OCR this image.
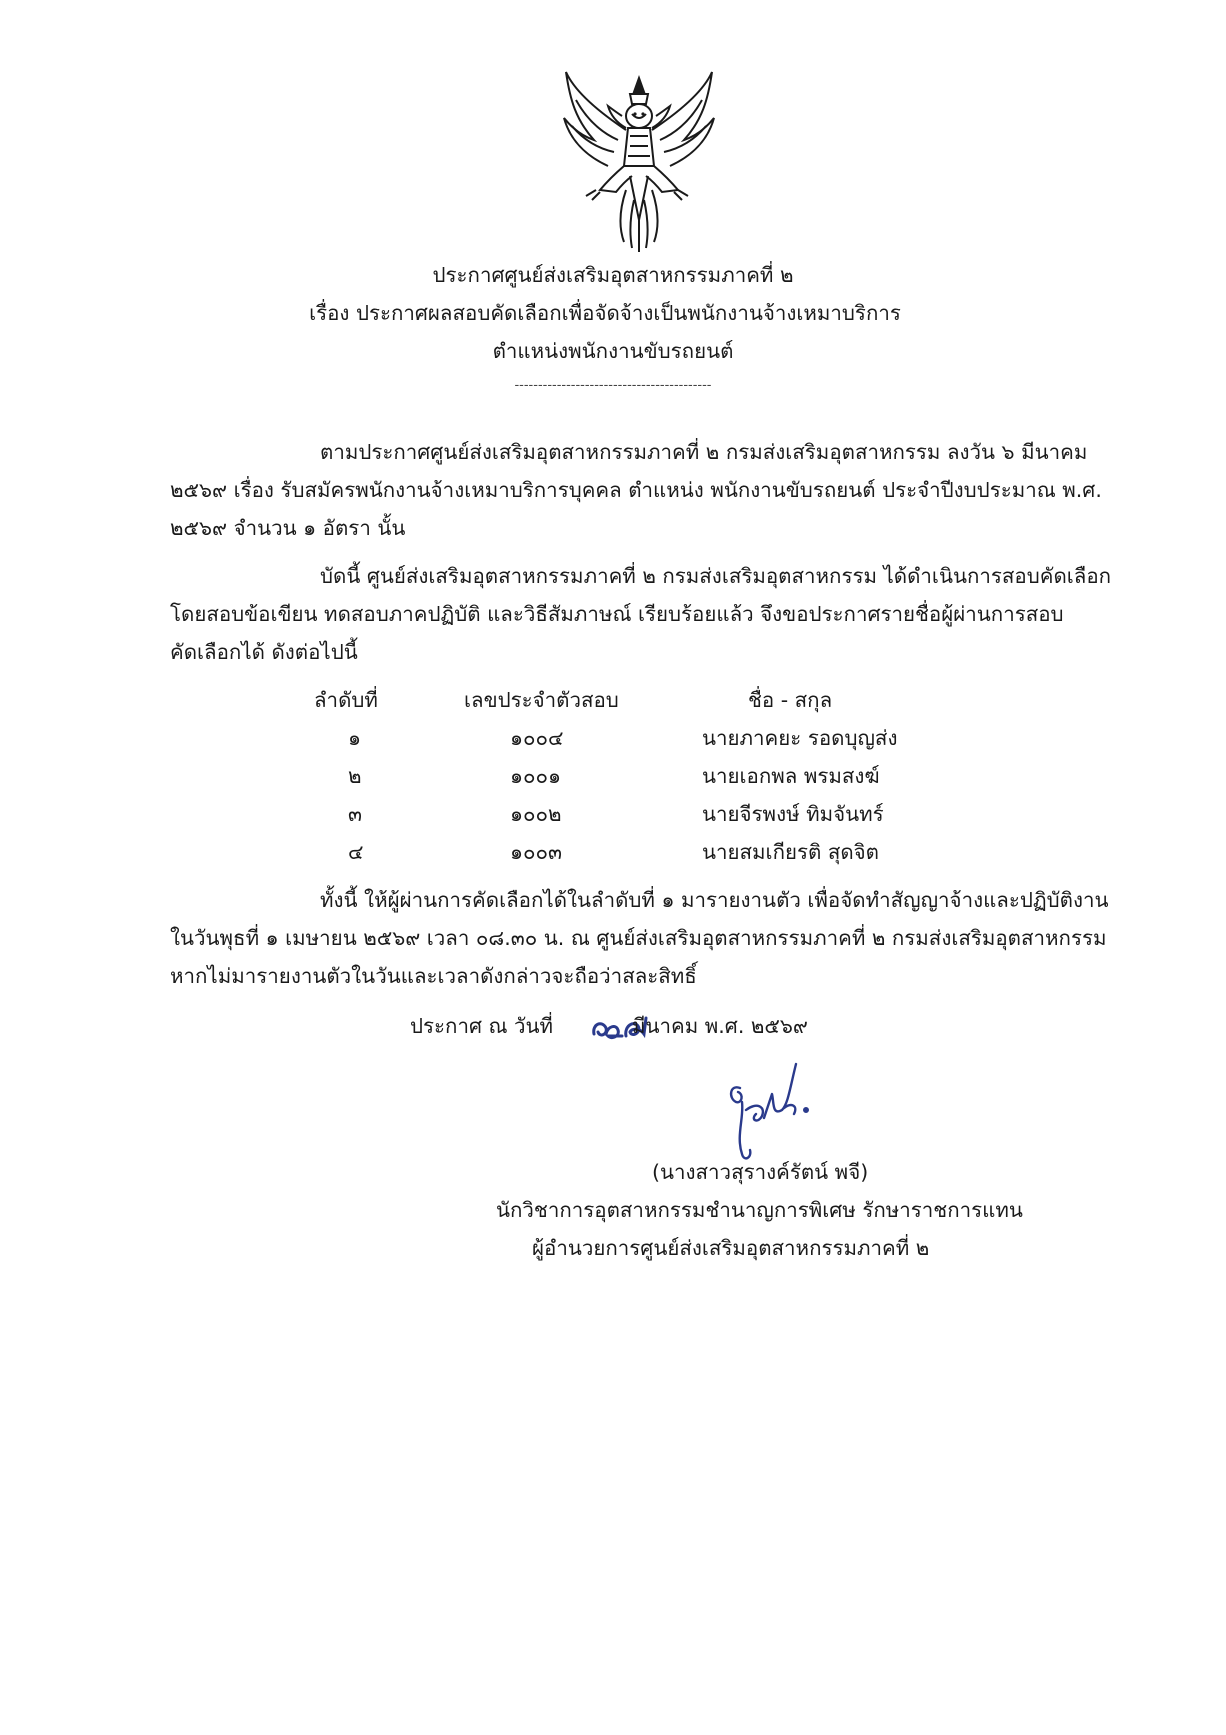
ประกาศศูนย์ส่งเสริมอุตสาหกรรมภาคที่ ๒
เรื่อง ประกาศผลสอบคัดเลือกเพื่อจัดจ้างเป็นพนักงานจ้างเหมาบริการ
ตำแหน่งพนักงานขับรถยนต์
------------------------------------------
ตามประกาศศูนย์ส่งเสริมอุตสาหกรรมภาคที่ ๒ กรมส่งเสริมอุตสาหกรรม ลงวัน ๖ มีนาคม
๒๕๖๙ เรื่อง รับสมัครพนักงานจ้างเหมาบริการบุคคล ตำแหน่ง พนักงานขับรถยนต์ ประจำปีงบประมาณ พ.ศ.
๒๕๖๙ จำนวน ๑ อัตรา นั้น
บัดนี้ ศูนย์ส่งเสริมอุตสาหกรรมภาคที่ ๒ กรมส่งเสริมอุตสาหกรรม ได้ดำเนินการสอบคัดเลือก
โดยสอบข้อเขียน ทดสอบภาคปฏิบัติ และวิธีสัมภาษณ์ เรียบร้อยแล้ว จึงขอประกาศรายชื่อผู้ผ่านการสอบ
คัดเลือกได้ ดังต่อไปนี้
ลำดับที่	เลขประจำตัวสอบ	ชื่อ - สกุล
๑	๑๐๐๔	นายภาคยะ รอดบุญส่ง
๒	๑๐๐๑	นายเอกพล พรมสงฆ์
๓	๑๐๐๒	นายจีรพงษ์ ทิมจันทร์
๔	๑๐๐๓	นายสมเกียรติ สุดจิต
ทั้งนี้ ให้ผู้ผ่านการคัดเลือกได้ในลำดับที่ ๑ มารายงานตัว เพื่อจัดทำสัญญาจ้างและปฏิบัติงาน
ในวันพุธที่ ๑ เมษายน ๒๕๖๙ เวลา ๐๘.๓๐ น. ณ ศูนย์ส่งเสริมอุตสาหกรรมภาคที่ ๒ กรมส่งเสริมอุตสาหกรรม
หากไม่มารายงานตัวในวันและเวลาดังกล่าวจะถือว่าสละสิทธิ์
ประกาศ ณ วันที่	มีนาคม พ.ศ. ๒๕๖๙
(นางสาวสุรางค์รัตน์ พจี)
นักวิชาการอุตสาหกรรมชำนาญการพิเศษ รักษาราชการแทน
ผู้อำนวยการศูนย์ส่งเสริมอุตสาหกรรมภาคที่ ๒
